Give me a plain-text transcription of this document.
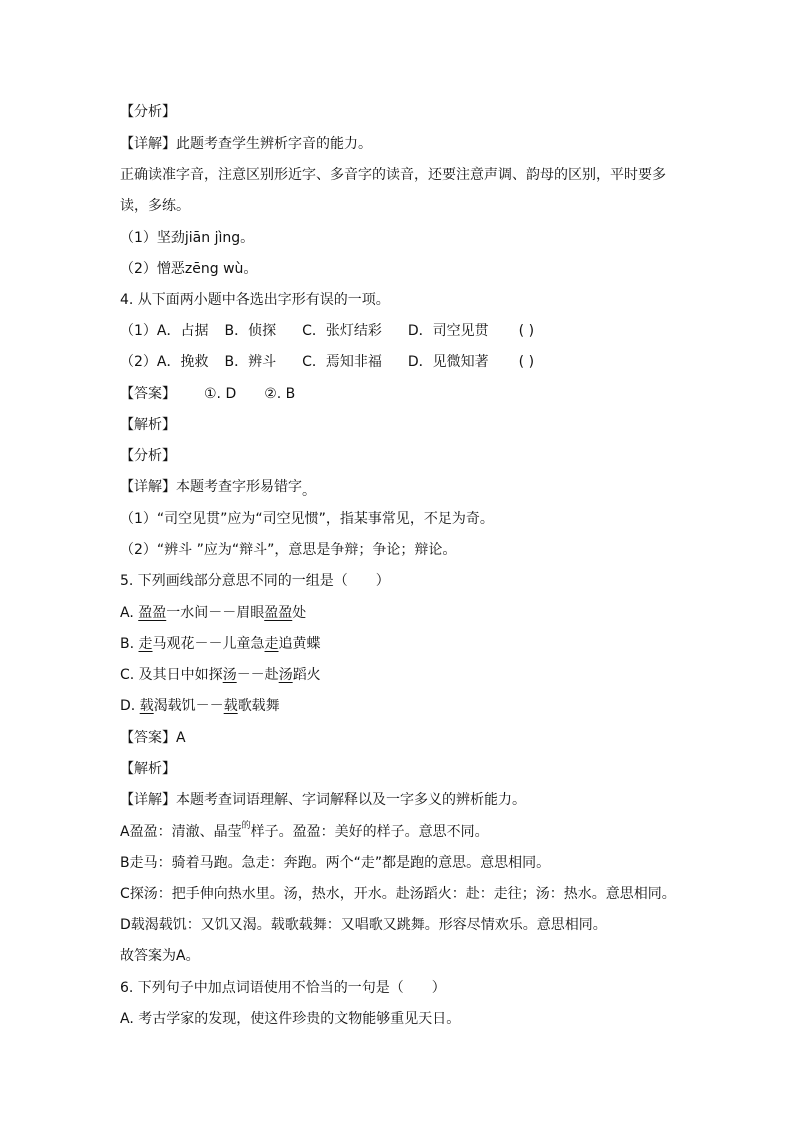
【分析】
【详解】此题考查学生辨析字音的能力。
正确读准字音，注意区别形近字、多音字的读音，还要注意声调、韵母的区别，平时要多
读，多练。
（1）坚劲jiān jìng。
（2）憎恶zēng wù。
4. 从下面两小题中各选出字形有误的一项。
（1）A．占据 B．侦探 C．张灯结彩 D．司空见贯 ( )
（2）A．挽救 B．辨斗 C．焉知非福 D．见微知著 ( )
【答案】 ①. D ②. B
【解析】
【分析】
【详解】本题考查字形易错字。
（1）“司空见贯”应为“司空见惯”，指某事常见，不足为奇。
（2）“辨斗 ”应为“辩斗”，意思是争辩；争论；辩论。
5. 下列画线部分意思不同的一组是（　　）
A. 盈盈一水间－－眉眼盈盈处
B. 走马观花－－儿童急走追黄蝶
C. 及其日中如探汤－－赴汤蹈火
D. 载渴载饥－－载歌载舞
【答案】A
【解析】
【详解】本题考查词语理解、字词解释以及一字多义的辨析能力。
A盈盈：清澈、晶莹$^的$样子。盈盈：美好的样子。意思不同。
B走马：骑着马跑。急走：奔跑。两个“走”都是跑的意思。意思相同。
C探汤：把手伸向热水里。汤，热水，开水。赴汤蹈火：赴：走往；汤：热水。意思相同。
D载渴载饥：又饥又渴。载歌载舞：又唱歌又跳舞。形容尽情欢乐。意思相同。
故答案为A。
6. 下列句子中加点词语使用不恰当的一句是（　　）
A. 考古学家的发现，使这件珍贵的文物能够重见天日。
